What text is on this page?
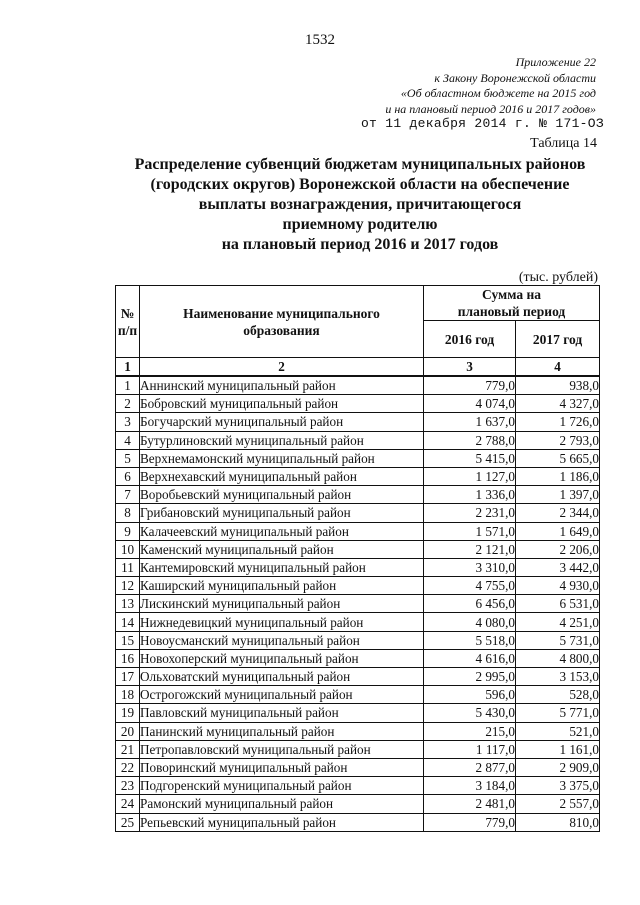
1532
Приложение 22
к Закону Воронежской области
«Об областном бюджете на 2015 год
и на плановый период 2016 и 2017 годов»
от 11 декабря 2014 г. № 171-ОЗ
Таблица 14
Распределение субвенций бюджетам муниципальных районов
(городских округов) Воронежской области на обеспечение
выплаты вознаграждения, причитающегося
приемному родителю
на плановый период 2016 и 2017 годов
(тыс. рублей)
№ п/п	Наименование муниципального образования	Сумма на плановый период	

		2016 год	2017 год
1	2	3	4
1	Аннинский муниципальный район	779,0	938,0
2	Бобровский муниципальный район	4 074,0	4 327,0
3	Богучарский муниципальный район	1 637,0	1 726,0
4	Бутурлиновский муниципальный район	2 788,0	2 793,0
5	Верхнемамонский муниципальный район	5 415,0	5 665,0
6	Верхнехавский муниципальный район	1 127,0	1 186,0
7	Воробьевский муниципальный район	1 336,0	1 397,0
8	Грибановский муниципальный район	2 231,0	2 344,0
9	Калачеевский муниципальный район	1 571,0	1 649,0
10	Каменский муниципальный район	2 121,0	2 206,0
11	Кантемировский муниципальный район	3 310,0	3 442,0
12	Каширский муниципальный район	4 755,0	4 930,0
13	Лискинский муниципальный район	6 456,0	6 531,0
14	Нижнедевицкий муниципальный район	4 080,0	4 251,0
15	Новоусманский муниципальный район	5 518,0	5 731,0
16	Новохоперский муниципальный район	4 616,0	4 800,0
17	Ольховатский муниципальный район	2 995,0	3 153,0
18	Острогожский муниципальный район	596,0	528,0
19	Павловский муниципальный район	5 430,0	5 771,0
20	Панинский муниципальный район	215,0	521,0
21	Петропавловский муниципальный район	1 117,0	1 161,0
22	Поворинский муниципальный район	2 877,0	2 909,0
23	Подгоренский муниципальный район	3 184,0	3 375,0
24	Рамонский муниципальный район	2 481,0	2 557,0
25	Репьевский муниципальный район	779,0	810,0
